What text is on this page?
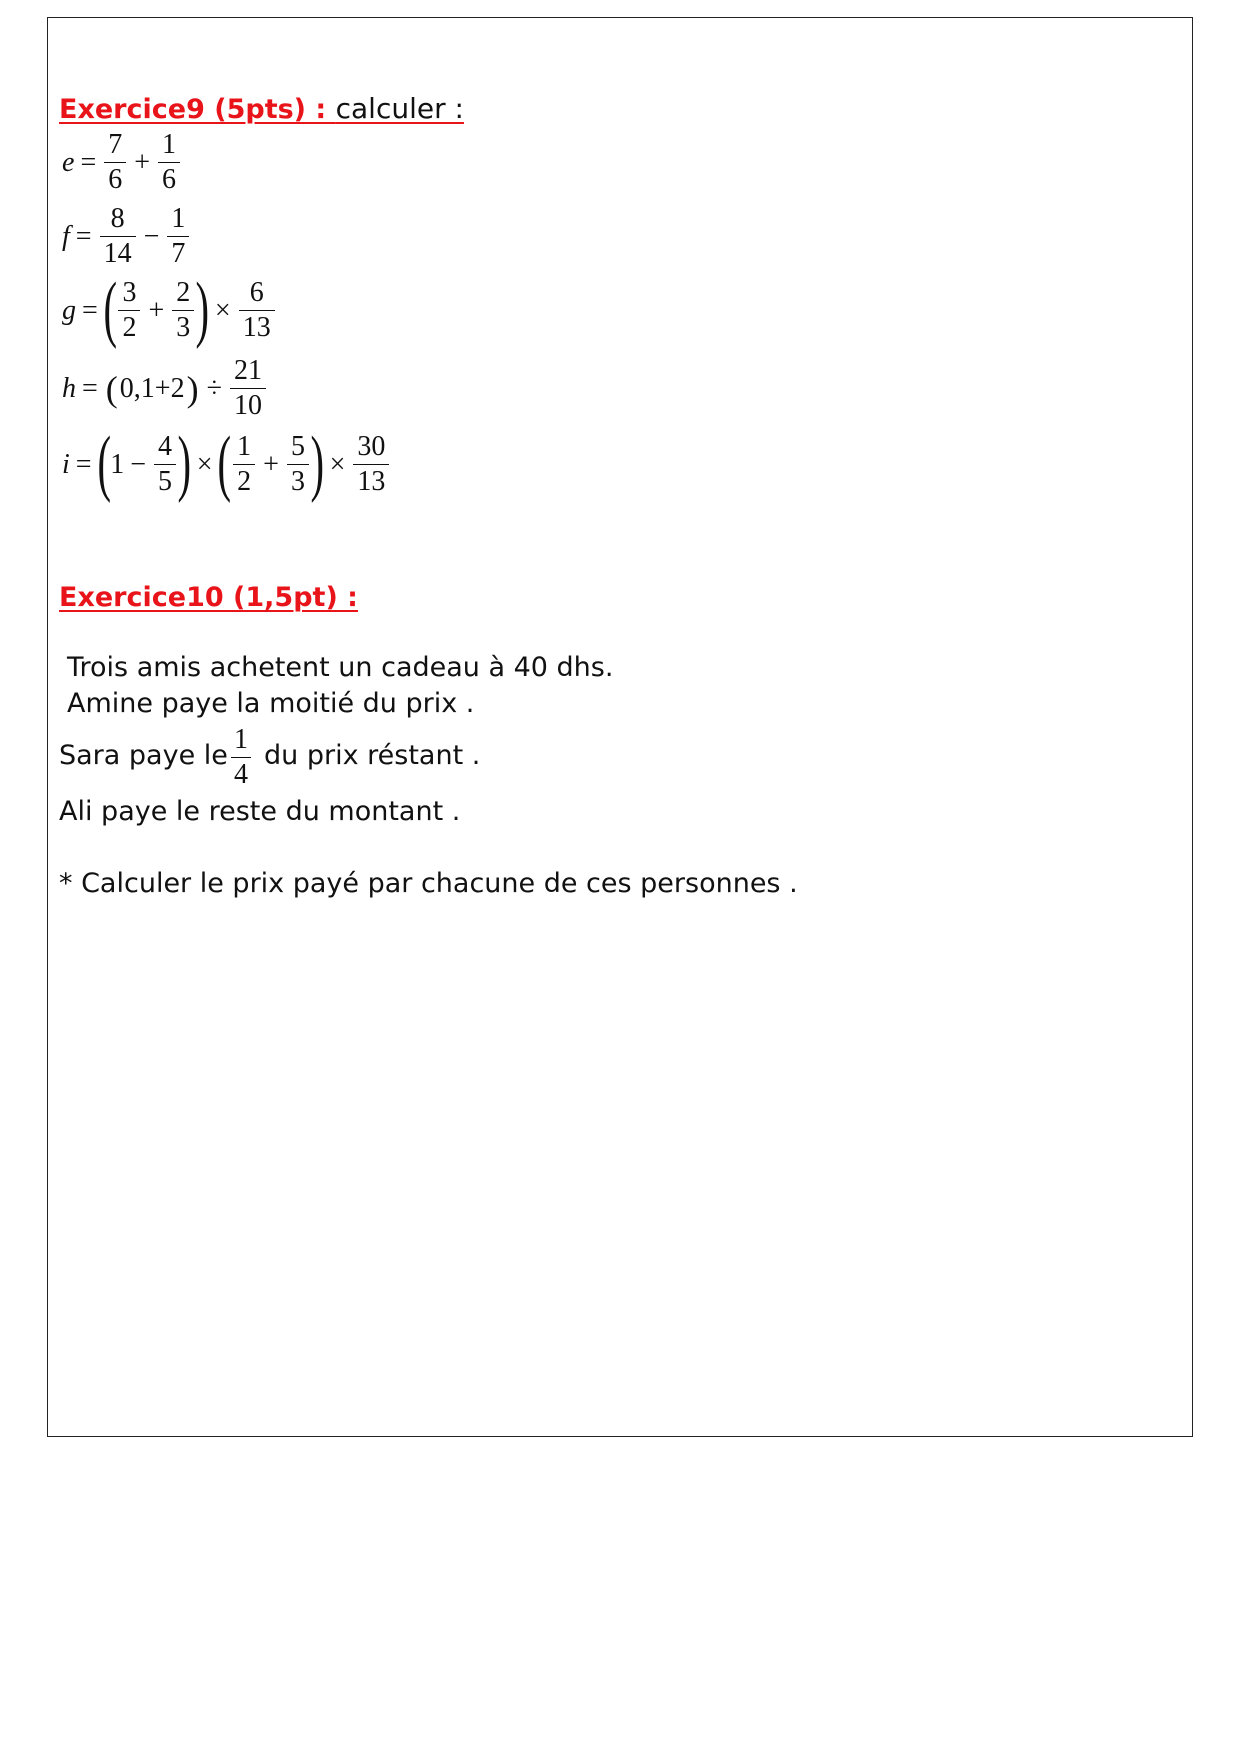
Exercice9 (5pts) : calculer :
$e = \frac{7}{6} + \frac{1}{6}$
$f = \frac{8}{14} - \frac{1}{7}$
g = ( $\frac{3}{2} + \frac{2}{3}$ ) × $\frac{6}{13}$
h = ( 0,1+2 ) ÷ $\frac{21}{10}$
i = ( $1 - \frac{4}{5}$ ) × ( $\frac{1}{2} + \frac{5}{3}$ ) × $\frac{30}{13}$
Exercice10 (1,5pt) :
Trois amis achetent un cadeau à 40 dhs.
Amine paye la moitié du prix .
Sara paye le $\frac{1}{4}$ du prix réstant .
Ali paye le reste du montant .
* Calculer le prix payé par chacune de ces personnes .
